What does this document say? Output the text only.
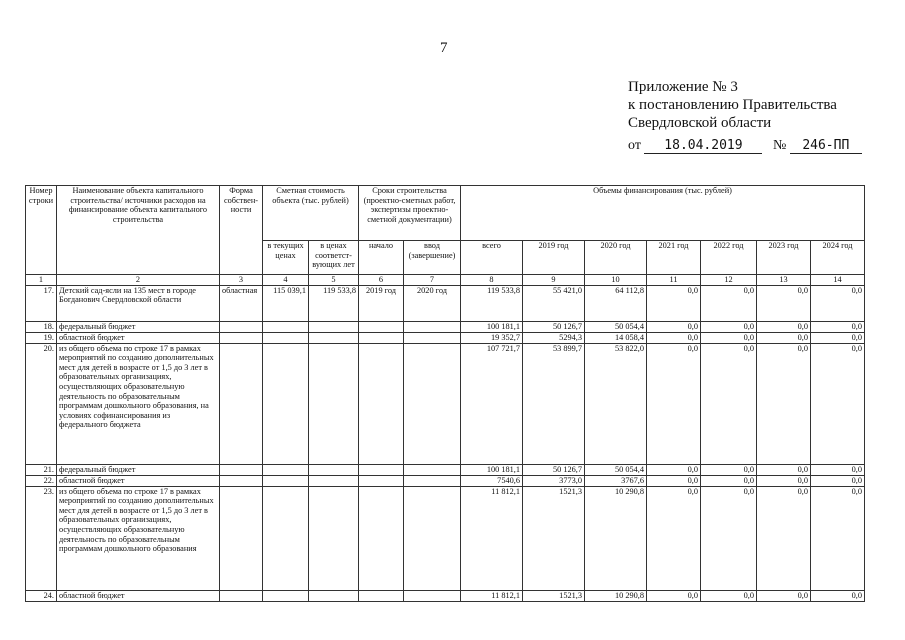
7
Приложение № 3
к постановлению Правительства
Свердловской области
от 18.04.2019 № 246-ПП
Номер строки	Наименование объекта капитального строительства/ источники расходов на финансирование объекта капитального строительства	Форма собствен-ности	Сметная стоимость объекта (тыс. рублей)		Сроки строительства (проектно-сметных работ, экспертизы проектно-сметной документации)		Объемы финансирования (тыс. рублей)						
			в текущих ценах	в ценах соответст-вующих лет	начало	ввод (завершение)	всего	2019 год	2020 год	2021 год	2022 год	2023 год	2024 год
1	2	3	4	5	6	7	8	9	10	11	12	13	14
17.	Детский сад-ясли на 135 мест в городе Богданович Свердловской области	областная	115 039,1	119 533,8	2019 год	2020 год	119 533,8	55 421,0	64 112,8	0,0	0,0	0,0	0,0
18.	федеральный бюджет						100 181,1	50 126,7	50 054,4	0,0	0,0	0,0	0,0
19.	областной бюджет						19 352,7	5294,3	14 058,4	0,0	0,0	0,0	0,0
20.	из общего объема по строке 17 в рамках мероприятий по созданию дополнительных мест для детей в возрасте от 1,5 до 3 лет в образовательных организациях, осуществляющих образовательную деятельность по образовательным программам дошкольного образования, на условиях софинансирования из федерального бюджета						107 721,7	53 899,7	53 822,0	0,0	0,0	0,0	0,0
21.	федеральный бюджет						100 181,1	50 126,7	50 054,4	0,0	0,0	0,0	0,0
22.	областной бюджет						7540,6	3773,0	3767,6	0,0	0,0	0,0	0,0
23.	из общего объема по строке 17 в рамках мероприятий по созданию дополнительных мест для детей в возрасте от 1,5 до 3 лет в образовательных организациях, осуществляющих образовательную деятельность по образовательным программам дошкольного образования						11 812,1	1521,3	10 290,8	0,0	0,0	0,0	0,0
24.	областной бюджет						11 812,1	1521,3	10 290,8	0,0	0,0	0,0	0,0
